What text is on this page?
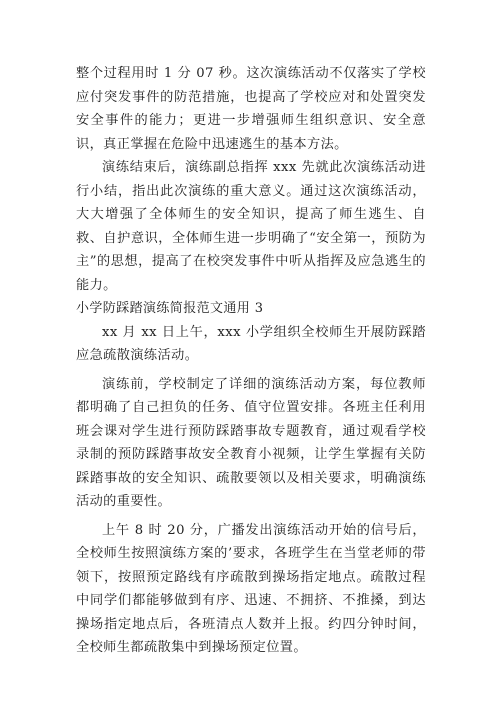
整个过程用时 1 分 07 秒。这次演练活动不仅落实了学校应付突发事件的防范措施，也提高了学校应对和处置突发安全事件的能力；更进一步增强师生组织意识、安全意识，真正掌握在危险中迅速逃生的基本方法。

演练结束后，演练副总指挥 xxx 先就此次演练活动进行小结，指出此次演练的重大意义。通过这次演练活动，大大增强了全体师生的安全知识，提高了师生逃生、自救、自护意识，全体师生进一步明确了“安全第一，预防为主”的思想，提高了在校突发事件中听从指挥及应急逃生的能力。

小学防踩踏演练简报范文通用 3

xx 月 xx 日上午，xxx 小学组织全校师生开展防踩踏应急疏散演练活动。

演练前，学校制定了详细的演练活动方案，每位教师都明确了自己担负的任务、值守位置安排。各班主任利用班会课对学生进行预防踩踏事故专题教育，通过观看学校录制的预防踩踏事故安全教育小视频，让学生掌握有关防踩踏事故的安全知识、疏散要领以及相关要求，明确演练活动的重要性。

上午 8 时 20 分，广播发出演练活动开始的信号后，全校师生按照演练方案的’要求，各班学生在当堂老师的带领下，按照预定路线有序疏散到操场指定地点。疏散过程中同学们都能够做到有序、迅速、不拥挤、不推搡，到达操场指定地点后，各班清点人数并上报。约四分钟时间，全校师生都疏散集中到操场预定位置。
